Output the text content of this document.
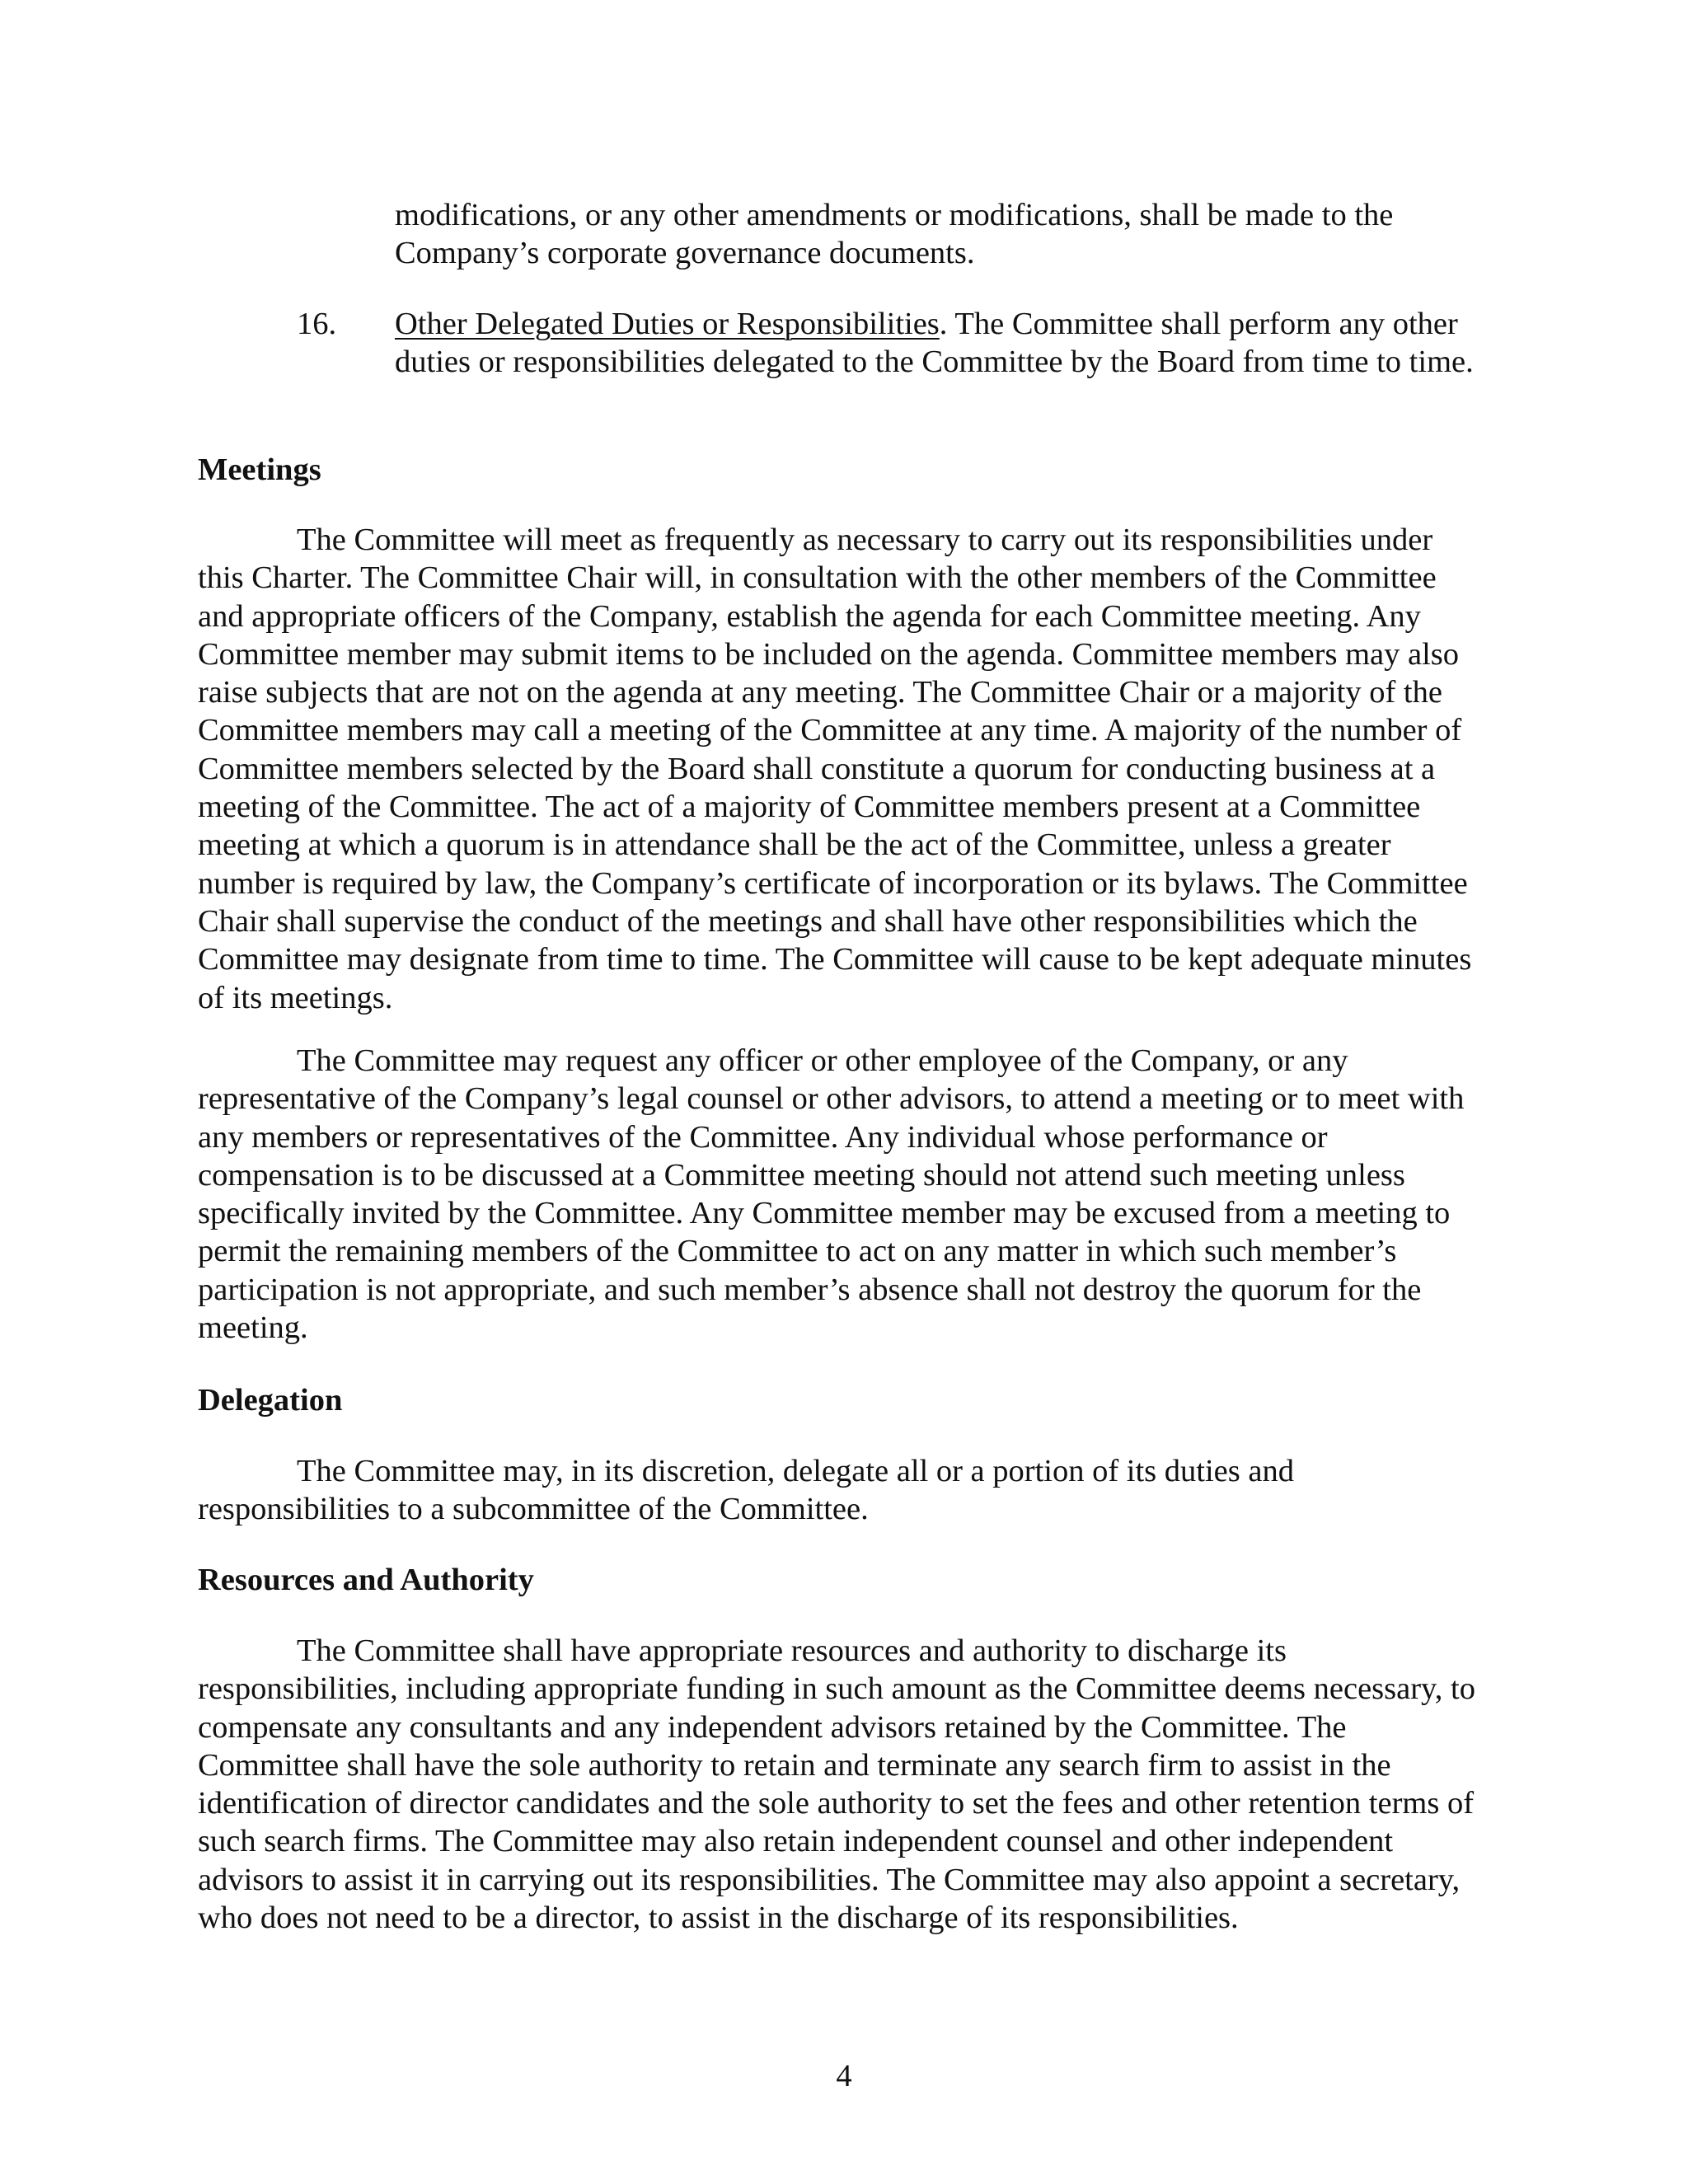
modifications, or any other amendments or modifications, shall be made to the Company’s corporate governance documents.

16. Other Delegated Duties or Responsibilities. The Committee shall perform any other duties or responsibilities delegated to the Committee by the Board from time to time.

Meetings

The Committee will meet as frequently as necessary to carry out its responsibilities under this Charter. The Committee Chair will, in consultation with the other members of the Committee and appropriate officers of the Company, establish the agenda for each Committee meeting. Any Committee member may submit items to be included on the agenda. Committee members may also raise subjects that are not on the agenda at any meeting. The Committee Chair or a majority of the Committee members may call a meeting of the Committee at any time. A majority of the number of Committee members selected by the Board shall constitute a quorum for conducting business at a meeting of the Committee. The act of a majority of Committee members present at a Committee meeting at which a quorum is in attendance shall be the act of the Committee, unless a greater number is required by law, the Company’s certificate of incorporation or its bylaws. The Committee Chair shall supervise the conduct of the meetings and shall have other responsibilities which the Committee may designate from time to time. The Committee will cause to be kept adequate minutes of its meetings.

The Committee may request any officer or other employee of the Company, or any representative of the Company’s legal counsel or other advisors, to attend a meeting or to meet with any members or representatives of the Committee. Any individual whose performance or compensation is to be discussed at a Committee meeting should not attend such meeting unless specifically invited by the Committee. Any Committee member may be excused from a meeting to permit the remaining members of the Committee to act on any matter in which such member’s participation is not appropriate, and such member’s absence shall not destroy the quorum for the meeting.

Delegation

The Committee may, in its discretion, delegate all or a portion of its duties and responsibilities to a subcommittee of the Committee.

Resources and Authority

The Committee shall have appropriate resources and authority to discharge its responsibilities, including appropriate funding in such amount as the Committee deems necessary, to compensate any consultants and any independent advisors retained by the Committee. The Committee shall have the sole authority to retain and terminate any search firm to assist in the identification of director candidates and the sole authority to set the fees and other retention terms of such search firms. The Committee may also retain independent counsel and other independent advisors to assist it in carrying out its responsibilities. The Committee may also appoint a secretary, who does not need to be a director, to assist in the discharge of its responsibilities.

4
